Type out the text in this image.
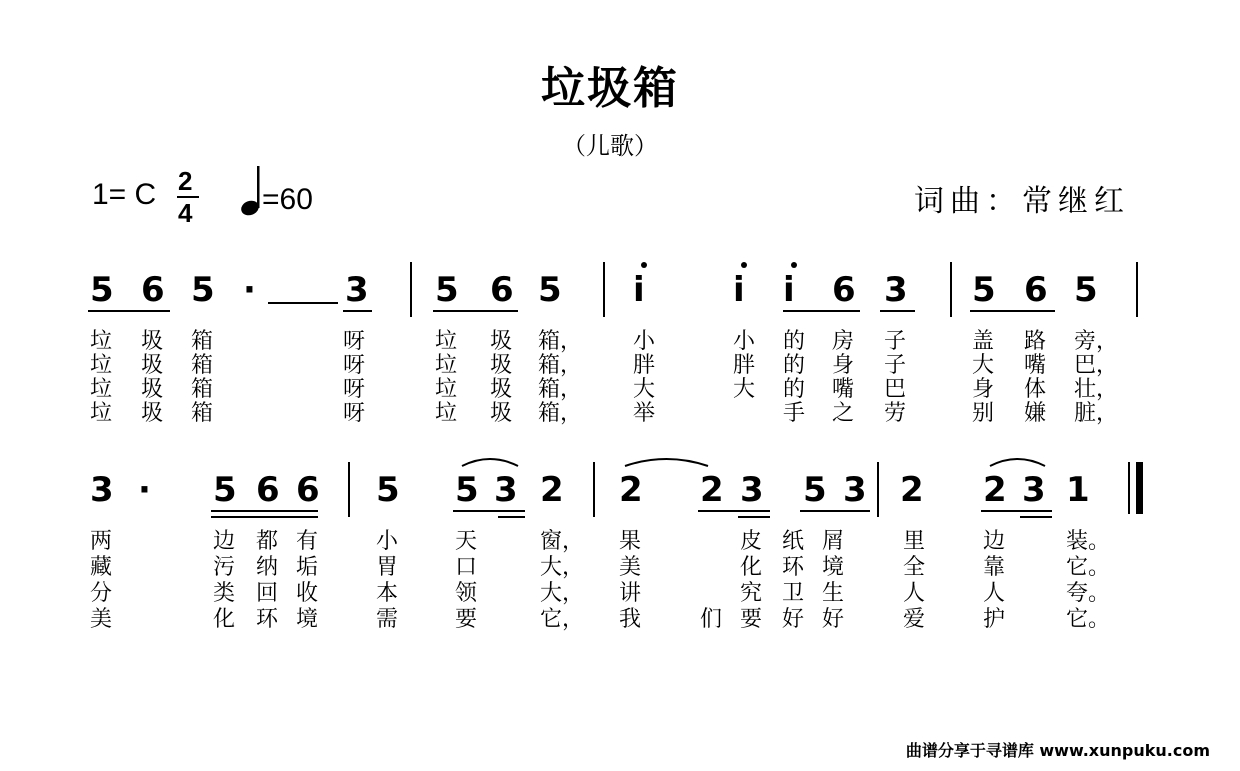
垃圾箱
（儿歌）
1= C 2
4 =60	词曲：常继红
5 6 5 ·	3 5 6 5 i	i i 6 3 5 6 5
垃 圾 箱	呀	垃 圾 箱， 小	小 的 房 子	盖 路 旁，
垃 圾 箱	呀	垃 圾 箱， 胖	胖 的 身 子	大 嘴 巴，
垃 圾 箱	呀	垃 圾 箱， 大	大 的 嘴 巴	身 体 壮，
垃 圾 箱	呀	垃 圾 箱， 举	手 之 劳	别 嫌 脏，
3 · 5 6 6 5 5 3 2 2 2 3 5 3 2 2 3 1
两	边 都 有	小	天	窗， 果	皮 纸 屑	里	边	装。
藏	污 纳 垢	胃	口	大， 美	化 环 境	全	靠	它。
分	类 回 收	本	领	大， 讲	究 卫 生	人	人	夸。
美	化 环 境	需	要	它， 我	们 要 好 好	爱	护	它。
曲谱分享于寻谱库 www.xunpuku.com
